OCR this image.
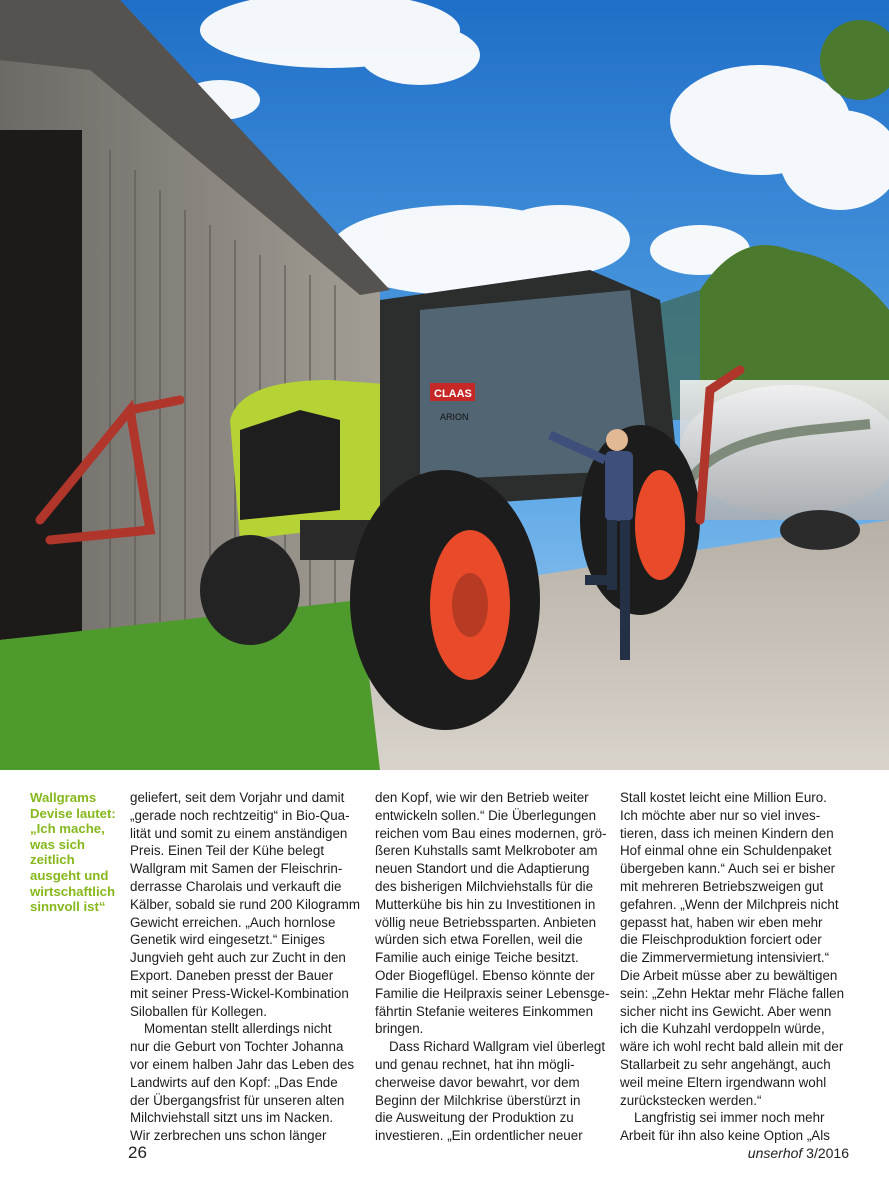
CLAAS
ARION
Wallgrams
Devise lautet:
„Ich mache,
was sich
zeitlich
ausgeht und
wirtschaftlich
sinnvoll ist“
geliefert, seit dem Vorjahr und damit
„gerade noch rechtzeitig“ in Bio-Qua-
lität und somit zu einem anständigen
Preis. Einen Teil der Kühe belegt
Wallgram mit Samen der Fleischrin-
derrasse Charolais und verkauft die
Kälber, sobald sie rund 200 Kilogramm
Gewicht erreichen. „Auch hornlose
Genetik wird eingesetzt.“ Einiges
Jungvieh geht auch zur Zucht in den
Export. Daneben presst der Bauer
mit seiner Press-Wickel-Kombination
Siloballen für Kollegen.
Momentan stellt allerdings nicht
nur die Geburt von Tochter Johanna
vor einem halben Jahr das Leben des
Landwirts auf den Kopf: „Das Ende
der Übergangsfrist für unseren alten
Milchviehstall sitzt uns im Nacken.
Wir zerbrechen uns schon länger
den Kopf, wie wir den Betrieb weiter
entwickeln sollen.“ Die Überlegungen
reichen vom Bau eines modernen, grö-
ßeren Kuhstalls samt Melkroboter am
neuen Standort und die Adaptierung
des bisherigen Milchviehstalls für die
Mutterkühe bis hin zu Investitionen in
völlig neue Betriebssparten. Anbieten
würden sich etwa Forellen, weil die
Familie auch einige Teiche besitzt.
Oder Biogeflügel. Ebenso könnte der
Familie die Heilpraxis seiner Lebensge-
fährtin Stefanie weiteres Einkommen
bringen.
Dass Richard Wallgram viel überlegt
und genau rechnet, hat ihn mögli-
cherweise davor bewahrt, vor dem
Beginn der Milchkrise überstürzt in
die Ausweitung der Produktion zu
investieren. „Ein ordentlicher neuer
Stall kostet leicht eine Million Euro.
Ich möchte aber nur so viel inves-
tieren, dass ich meinen Kindern den
Hof einmal ohne ein Schuldenpaket
übergeben kann.“ Auch sei er bisher
mit mehreren Betriebszweigen gut
gefahren. „Wenn der Milchpreis nicht
gepasst hat, haben wir eben mehr
die Fleischproduktion forciert oder
die Zimmervermietung intensiviert.“
Die Arbeit müsse aber zu bewältigen
sein: „Zehn Hektar mehr Fläche fallen
sicher nicht ins Gewicht. Aber wenn
ich die Kuhzahl verdoppeln würde,
wäre ich wohl recht bald allein mit der
Stallarbeit zu sehr angehängt, auch
weil meine Eltern irgendwann wohl
zurückstecken werden.“
Langfristig sei immer noch mehr
Arbeit für ihn also keine Option „Als
26	unserhof 3/2016
